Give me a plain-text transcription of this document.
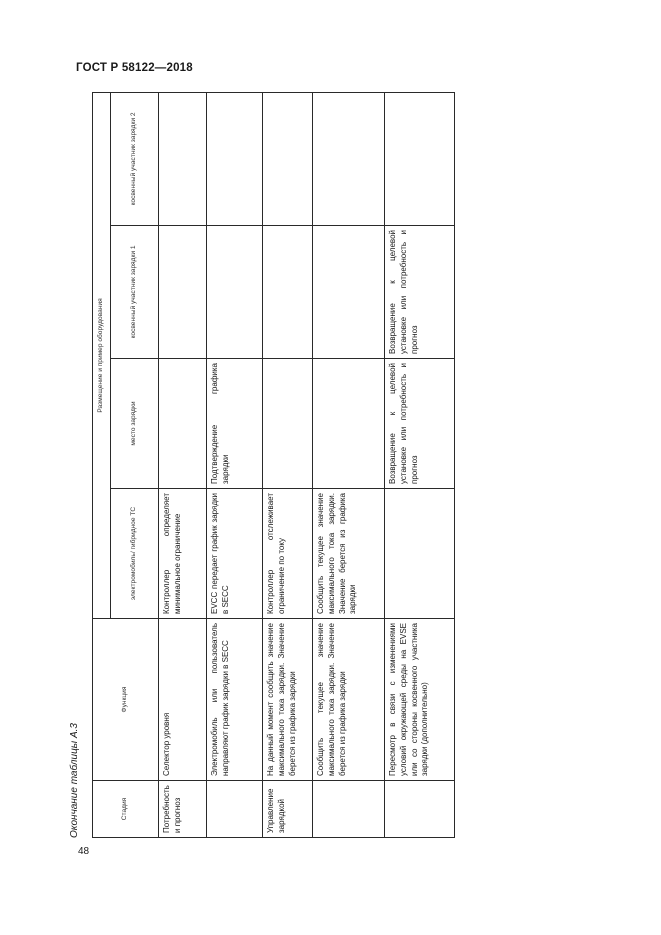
ГОСТ Р 58122—2018
Окончание таблицы А.3	Стадия	Функция	Размещение и пример оборудования			
		электромобиль/ гибридное ТС	место зарядки	косвенный участник зарядки 1	косвенный участник зарядки 2
Потребность и прогноз	Селектор уровня	Контроллер определяет минимальное ограничение			
	Электромобиль или пользователь направляют график зарядки в SECC	EVCC передает график зарядки в SECC	Подтверждение графика зарядки		
Управление зарядкой	На данный момент сообщить значение максимального тока зарядки. Значение берется из графика зарядки	Контроллер отслеживает ограничение по току			
	Сообщить текущее значение максимального тока зарядки. Значение берется из графика зарядки	Сообщить текущее значение максимального тока зарядки. Значение берется из графика зарядки			
	Пересмотр в связи с изменениями условий окружающей среды на EVSE или со стороны косвенного участника зарядки (дополнительно)		Возвращение к целевой установке или потребность и прогноз	Возвращение к целевой установке или потребность и прогноз	
48
